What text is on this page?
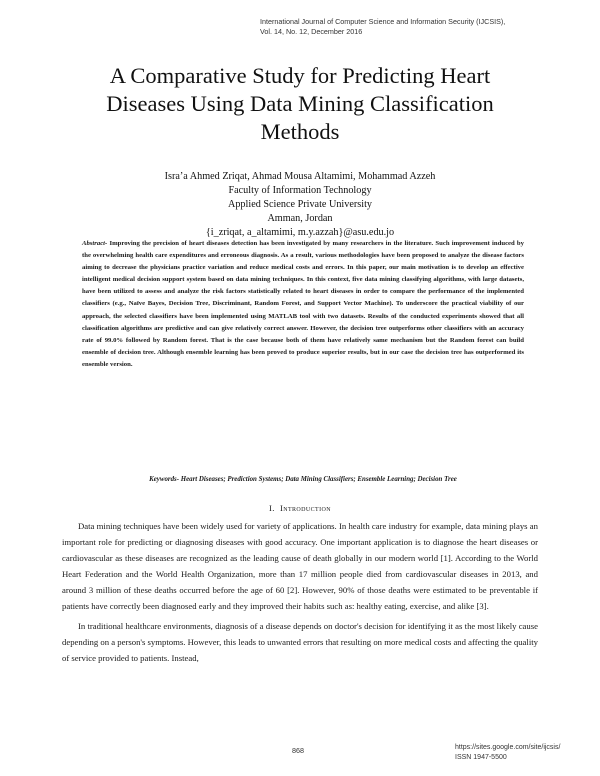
International Journal of Computer Science and Information Security (IJCSIS),
Vol. 14, No. 12, December 2016
A Comparative Study for Predicting Heart
Diseases Using Data Mining Classification
Methods
Isra’a Ahmed Zriqat, Ahmad Mousa Altamimi, Mohammad Azzeh
Faculty of Information Technology
Applied Science Private University
Amman, Jordan
{i_zriqat, a_altamimi, m.y.azzah}@asu.edu.jo
Abstract- Improving the precision of heart diseases detection has been investigated by many researchers in the literature. Such improvement induced by the overwhelming health care expenditures and erroneous diagnosis. As a result, various methodologies have been proposed to analyze the disease factors aiming to decrease the physicians practice variation and reduce medical costs and errors. In this paper, our main motivation is to develop an effective intelligent medical decision support system based on data mining techniques. In this context, five data mining classifying algorithms, with large datasets, have been utilized to assess and analyze the risk factors statistically related to heart diseases in order to compare the performance of the implemented classifiers (e.g., Naïve Bayes, Decision Tree, Discriminant, Random Forest, and Support Vector Machine). To underscore the practical viability of our approach, the selected classifiers have been implemented using MATLAB tool with two datasets. Results of the conducted experiments showed that all classification algorithms are predictive and can give relatively correct answer. However, the decision tree outperforms other classifiers with an accuracy rate of 99.0% followed by Random forest. That is the case because both of them have relatively same mechanism but the Random forest can build ensemble of decision tree. Although ensemble learning has been proved to produce superior results, but in our case the decision tree has outperformed its ensemble version.
Keywords- Heart Diseases; Prediction Systems; Data Mining Classifiers; Ensemble Learning; Decision Tree
I. Introduction

Data mining techniques have been widely used for variety of applications. In health care industry for example, data mining plays an important role for predicting or diagnosing diseases with good accuracy. One important application is to diagnose the heart diseases or cardiovascular as these diseases are recognized as the leading cause of death globally in our modern world [1]. According to the World Heart Federation and the World Health Organization, more than 17 million people died from cardiovascular diseases in 2013, and around 3 million of these deaths occurred before the age of 60 [2]. However, 90% of those deaths were estimated to be preventable if patients have correctly been diagnosed early and they improved their habits such as: healthy eating, exercise, and alike [3].

In traditional healthcare environments, diagnosis of a disease depends on doctor's decision for identifying it as the most likely cause depending on a person's symptoms. However, this leads to unwanted errors that resulting on more medical costs and affecting the quality of service provided to patients. Instead,

868	https://sites.google.com/site/ijcsis/
ISSN 1947-5500
